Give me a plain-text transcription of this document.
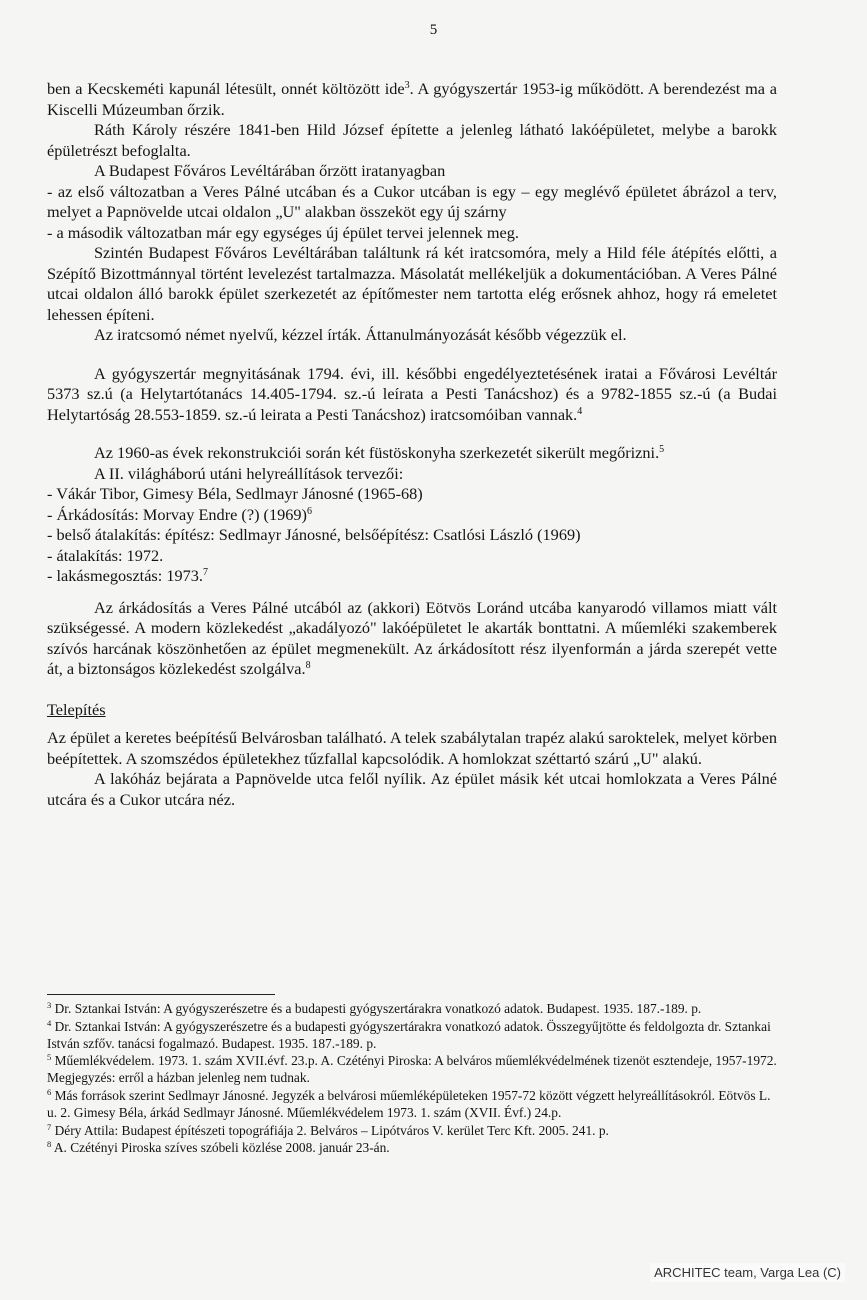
5

ben a Kecskeméti kapunál létesült, onnét költözött ide$^3$. A gyógyszertár 1953-ig működött. A berendezést ma a Kiscelli Múzeumban őrzik.

Ráth Károly részére 1841-ben Hild József építette a jelenleg látható lakóépületet, melybe a barokk épületrészt befoglalta.

A Budapest Főváros Levéltárában őrzött iratanyagban

- az első változatban a Veres Pálné utcában és a Cukor utcában is egy – egy meglévő épületet ábrázol a terv, melyet a Papnövelde utcai oldalon „U" alakban összeköt egy új szárny

- a második változatban már egy egységes új épület tervei jelennek meg.

Szintén Budapest Főváros Levéltárában találtunk rá két iratcsomóra, mely a Hild féle átépítés előtti, a Szépítő Bizottmánnyal történt levelezést tartalmazza. Másolatát mellékeljük a dokumentációban. A Veres Pálné utcai oldalon álló barokk épület szerkezetét az építőmester nem tartotta elég erősnek ahhoz, hogy rá emeletet lehessen építeni.

Az iratcsomó német nyelvű, kézzel írták. Áttanulmányozását később végezzük el.

A gyógyszertár megnyitásának 1794. évi, ill. későbbi engedélyeztetésének iratai a Fővárosi Levéltár 5373 sz.ú (a Helytartótanács 14.405-1794. sz.-ú leírata a Pesti Tanácshoz) és a 9782-1855 sz.-ú (a Budai Helytartóság 28.553-1859. sz.-ú leirata a Pesti Tanácshoz) iratcsomóiban vannak.$^4$

Az 1960-as évek rekonstrukciói során két füstöskonyha szerkezetét sikerült megőrizni.$^5$

A II. világháború utáni helyreállítások tervezői:

- Vákár Tibor, Gimesy Béla, Sedlmayr Jánosné (1965-68)

- Árkádosítás: Morvay Endre (?) $(1969)^6$

- belső átalakítás: építész: Sedlmayr Jánosné, belsőépítész: Csatlósi László (1969)

- átalakítás: 1972.

- lakásmegosztás: 1973.$^7$

Az árkádosítás a Veres Pálné utcából az (akkori) Eötvös Loránd utcába kanyarodó villamos miatt vált szükségessé. A modern közlekedést „akadályozó" lakóépületet le akarták bonttatni. A műemléki szakemberek szívós harcának köszönhetően az épület megmenekült. Az árkádosított rész ilyenformán a járda szerepét vette át, a biztonságos közlekedést szolgálva.$^8$

Telepítés

Az épület a keretes beépítésű Belvárosban található. A telek szabálytalan trapéz alakú saroktelek, melyet körben beépítettek. A szomszédos épületekhez tűzfallal kapcsolódik. A homlokzat széttartó szárú „U" alakú.

A lakóház bejárata a Papnövelde utca felől nyílik. Az épület másik két utcai homlokzata a Veres Pálné utcára és a Cukor utcára néz.

$^3$ Dr. Sztankai István: A gyógyszerészetre és a budapesti gyógyszertárakra vonatkozó adatok. Budapest. 1935. 187.-189. p.

$^4$ Dr. Sztankai István: A gyógyszerészetre és a budapesti gyógyszertárakra vonatkozó adatok. Összegyűjtötte és feldolgozta dr. Sztankai István szfőv. tanácsi fogalmazó. Budapest. 1935. 187.-189. p.

$^5$ Műemlékvédelem. 1973. 1. szám XVII.évf. 23.p. A. Czétényi Piroska: A belváros műemlékvédelmének tizenöt esztendeje, 1957-1972. Megjegyzés: erről a házban jelenleg nem tudnak.

$^6$ Más források szerint Sedlmayr Jánosné. Jegyzék a belvárosi műemléképületeken 1957-72 között végzett helyreállításokról. Eötvös L. u. 2. Gimesy Béla, árkád Sedlmayr Jánosné. Műemlékvédelem 1973. 1. szám (XVII. Évf.) 24.p.

$^7$ Déry Attila: Budapest építészeti topográfiája 2. Belváros – Lipótváros V. kerület Terc Kft. 2005. 241. p.

$^8$ A. Czétényi Piroska szíves szóbeli közlése 2008. január 23-án.

ARCHITEC team, Varga Lea (C)
